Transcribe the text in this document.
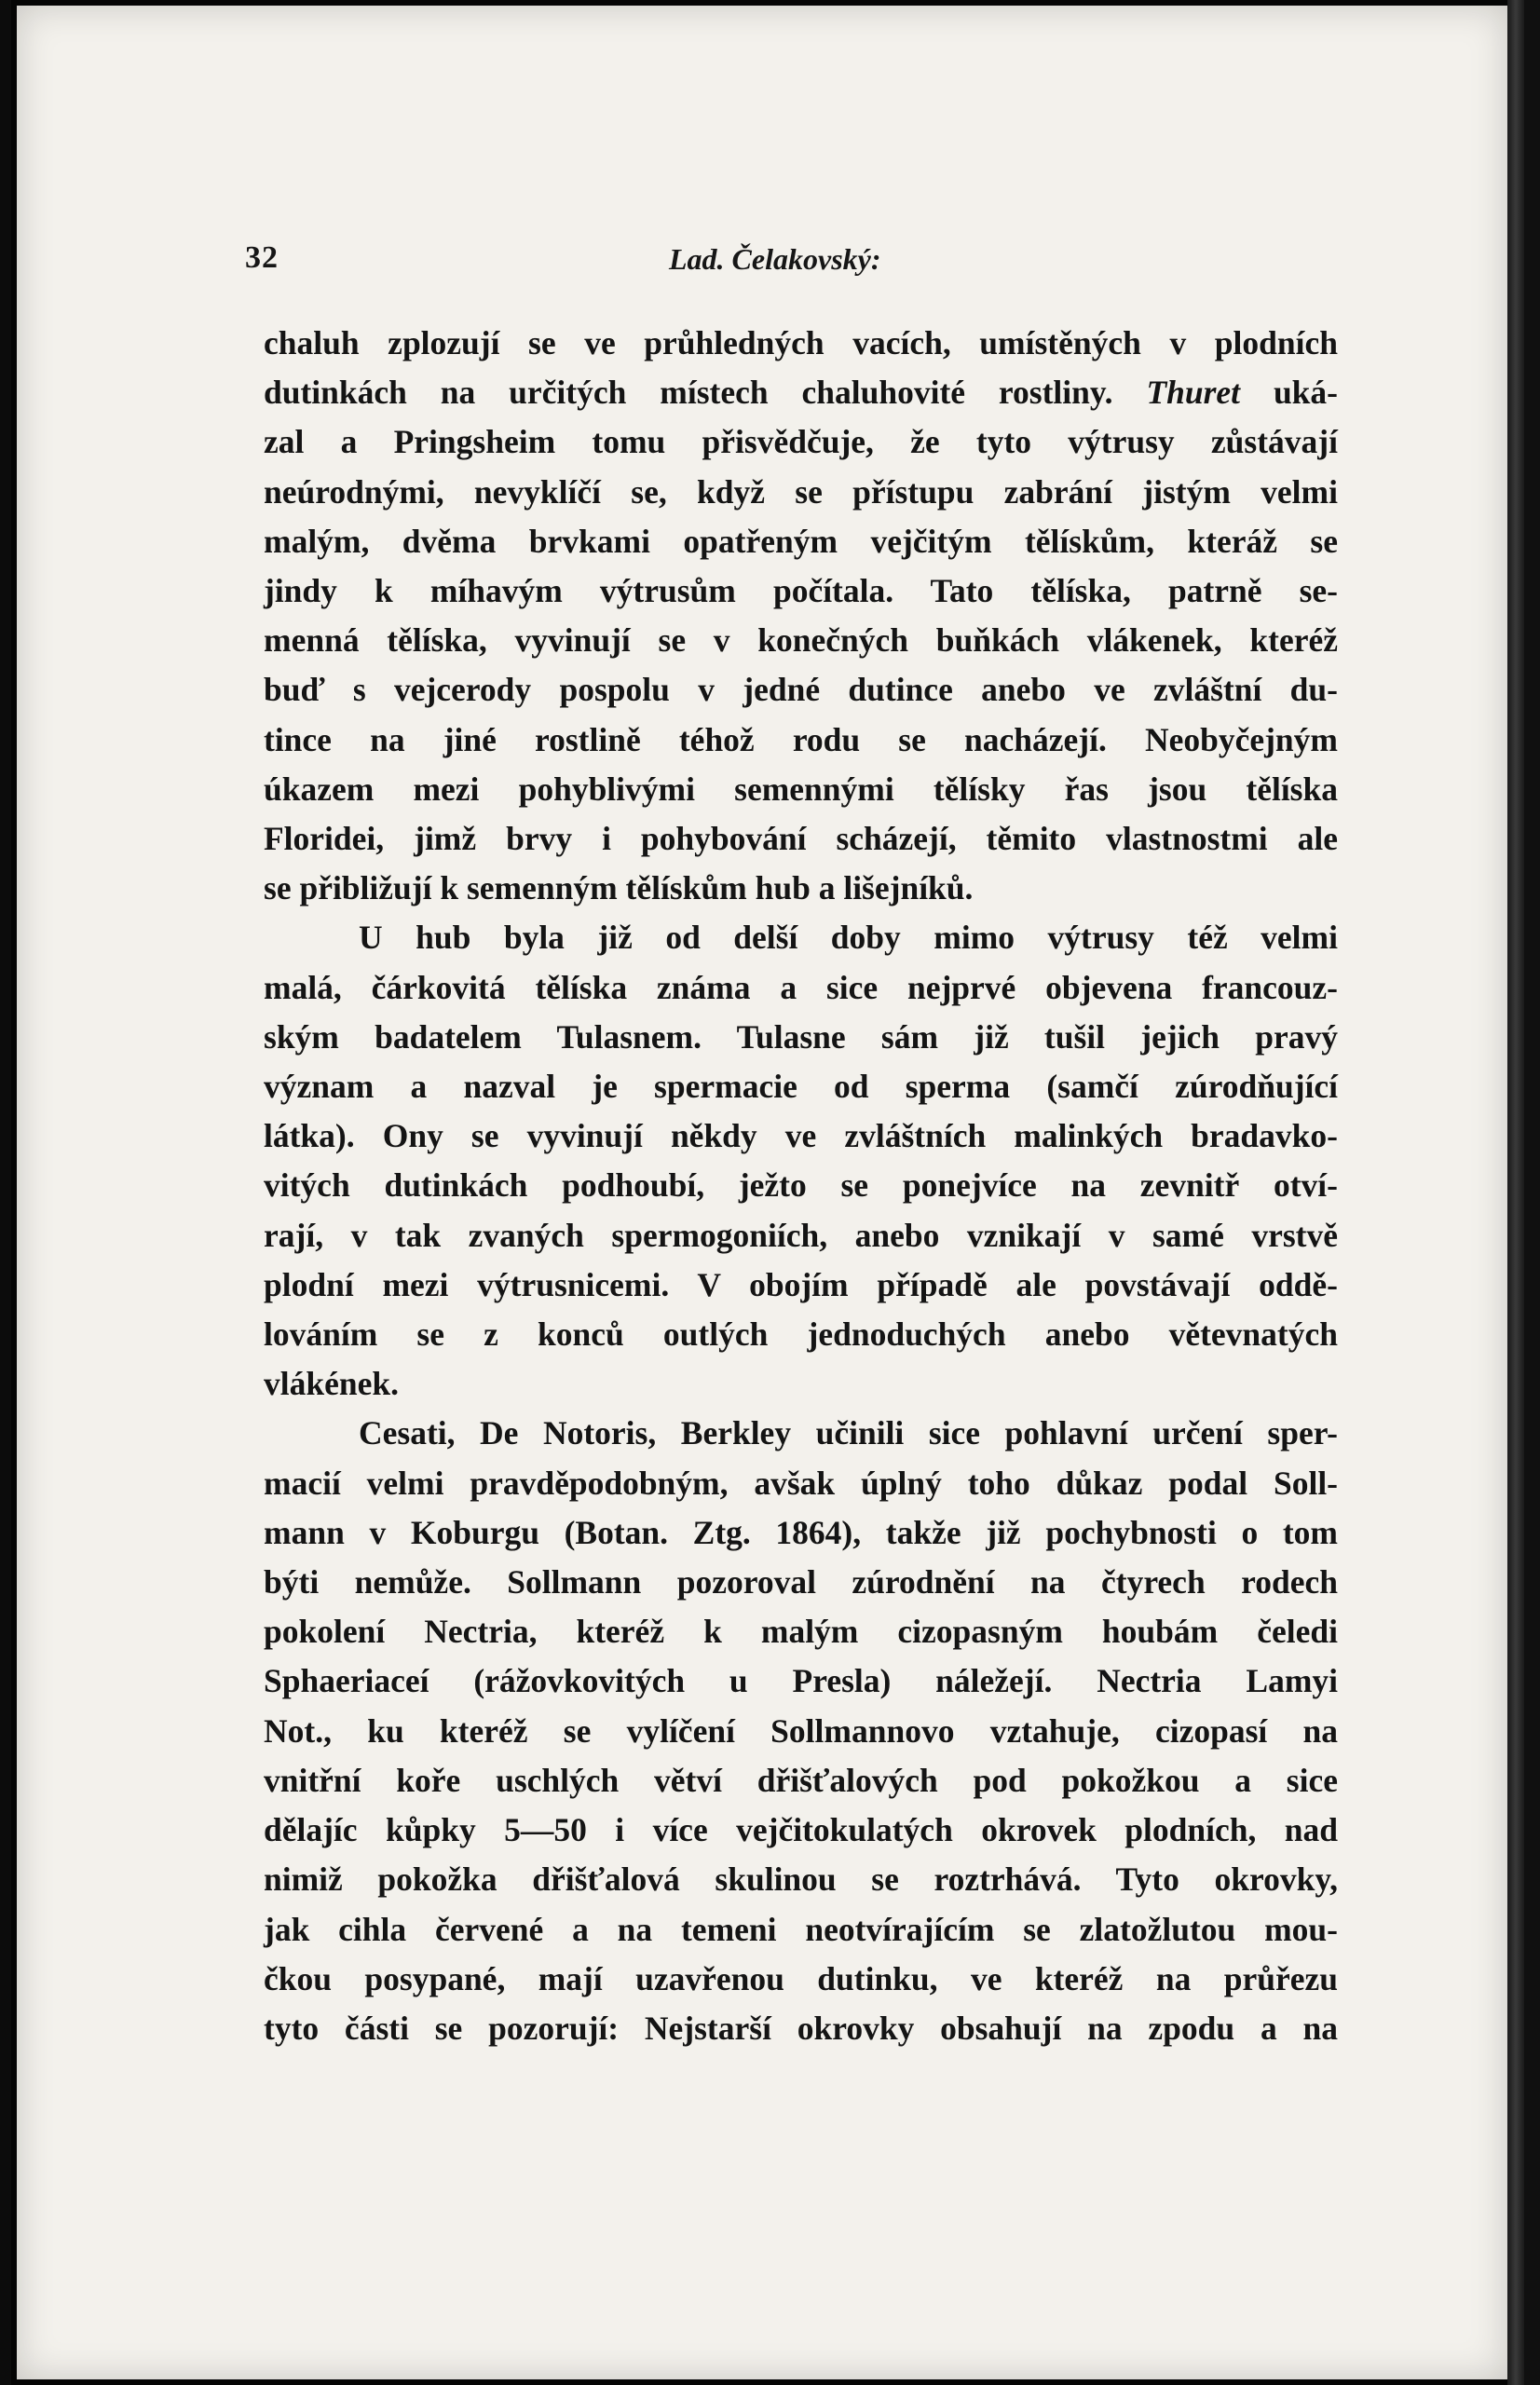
32	Lad. Čelakovský:
chaluh zplozují se ve průhledných vacích, umístěných v plodních
dutinkách na určitých místech chaluhovité rostliny. Thuret uká-
zal a Pringsheim tomu přisvědčuje, že tyto výtrusy zůstávají
neúrodnými, nevyklíčí se, když se přístupu zabrání jistým velmi
malým, dvěma brvkami opatřeným vejčitým tělískům, kteráž se
jindy k míhavým výtrusům počítala. Tato tělíska, patrně se-
menná tělíska, vyvinují se v konečných buňkách vlákenek, kteréž
buď s vejcerody pospolu v jedné dutince anebo ve zvláštní du-
tince na jiné rostlině téhož rodu se nacházejí. Neobyčejným
úkazem mezi pohyblivými semennými tělísky řas jsou tělíska
Floridei, jimž brvy i pohybování scházejí, těmito vlastnostmi ale
se přibližují k semenným tělískům hub a lišejníků.
U hub byla již od delší doby mimo výtrusy též velmi
malá, čárkovitá tělíska známa a sice nejprvé objevena francouz-
ským badatelem Tulasnem. Tulasne sám již tušil jejich pravý
význam a nazval je spermacie od sperma (samčí zúrodňující
látka). Ony se vyvinují někdy ve zvláštních malinkých bradavko-
vitých dutinkách podhoubí, ježto se ponejvíce na zevnitř otví-
rají, v tak zvaných spermogoniích, anebo vznikají v samé vrstvě
plodní mezi výtrusnicemi. V obojím případě ale povstávají oddě-
lováním se z konců outlých jednoduchých anebo větevnatých
vlákének.
Cesati, De Notoris, Berkley učinili sice pohlavní určení sper-
macií velmi pravděpodobným, avšak úplný toho důkaz podal Soll-
mann v Koburgu (Botan. Ztg. 1864), takže již pochybnosti o tom
býti nemůže. Sollmann pozoroval zúrodnění na čtyrech rodech
pokolení Nectria, kteréž k malým cizopasným houbám čeledi
Sphaeriaceí (rážovkovitých u Presla) náležejí. Nectria Lamyi
Not., ku kteréž se vylíčení Sollmannovo vztahuje, cizopasí na
vnitřní koře uschlých větví dřišťalových pod pokožkou a sice
dělajíc kůpky 5—50 i více vejčitokulatých okrovek plodních, nad
nimiž pokožka dřišťalová skulinou se roztrhává. Tyto okrovky,
jak cihla červené a na temeni neotvírajícím se zlatožlutou mou-
čkou posypané, mají uzavřenou dutinku, ve kteréž na průřezu
tyto části se pozorují: Nejstarší okrovky obsahují na zpodu a na
